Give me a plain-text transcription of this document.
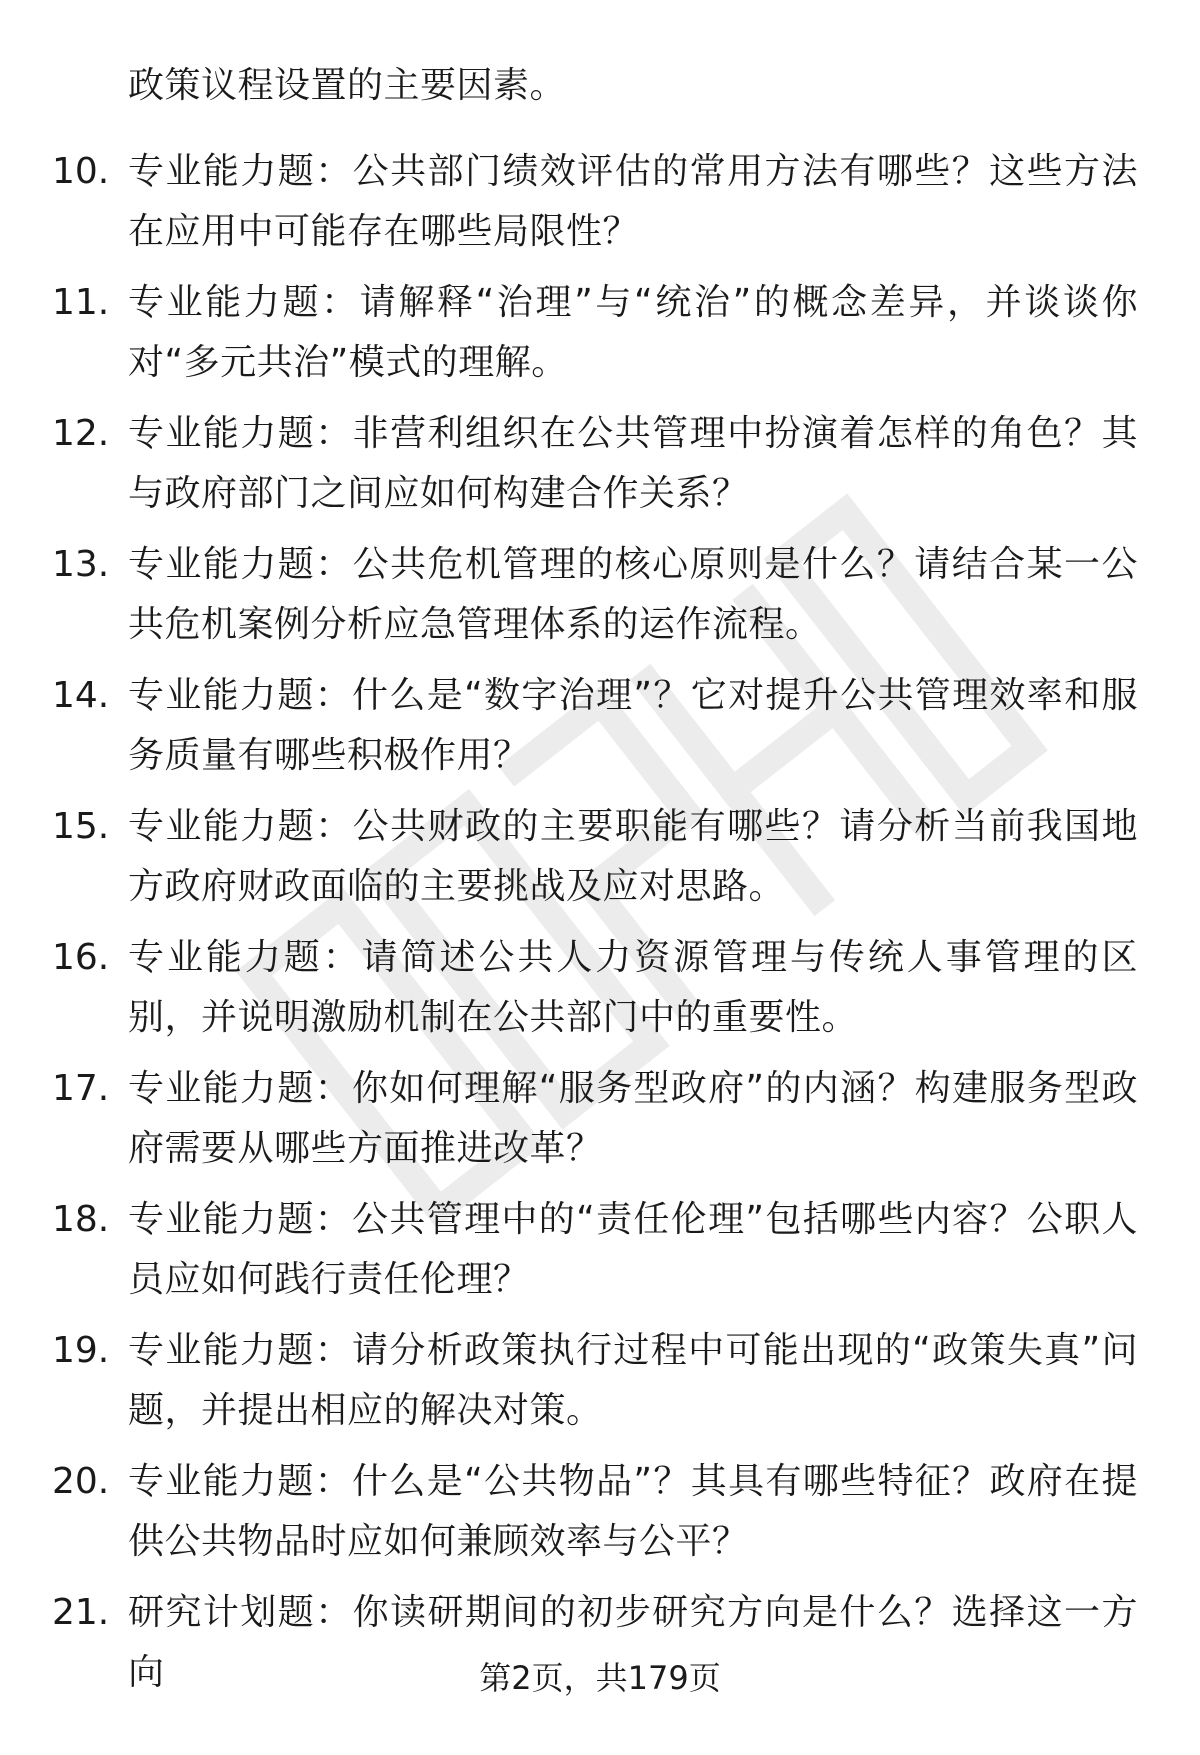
政策议程设置的主要因素。
10. 专业能力题：公共部门绩效评估的常用方法有哪些？这些方法在应用中可能存在哪些局限性？
11. 专业能力题：请解释“治理”与“统治”的概念差异，并谈谈你对“多元共治”模式的理解。
12. 专业能力题：非营利组织在公共管理中扮演着怎样的角色？其与政府部门之间应如何构建合作关系？
13. 专业能力题：公共危机管理的核心原则是什么？请结合某一公共危机案例分析应急管理体系的运作流程。
14. 专业能力题：什么是“数字治理”？它对提升公共管理效率和服务质量有哪些积极作用？
15. 专业能力题：公共财政的主要职能有哪些？请分析当前我国地方政府财政面临的主要挑战及应对思路。
16. 专业能力题：请简述公共人力资源管理与传统人事管理的区别，并说明激励机制在公共部门中的重要性。
17. 专业能力题：你如何理解“服务型政府”的内涵？构建服务型政府需要从哪些方面推进改革？
18. 专业能力题：公共管理中的“责任伦理”包括哪些内容？公职人员应如何践行责任伦理？
19. 专业能力题：请分析政策执行过程中可能出现的“政策失真”问题，并提出相应的解决对策。
20. 专业能力题：什么是“公共物品”？其具有哪些特征？政府在提供公共物品时应如何兼顾效率与公平？
21. 研究计划题：你读研期间的初步研究方向是什么？选择这一方向	第2页，共179页
